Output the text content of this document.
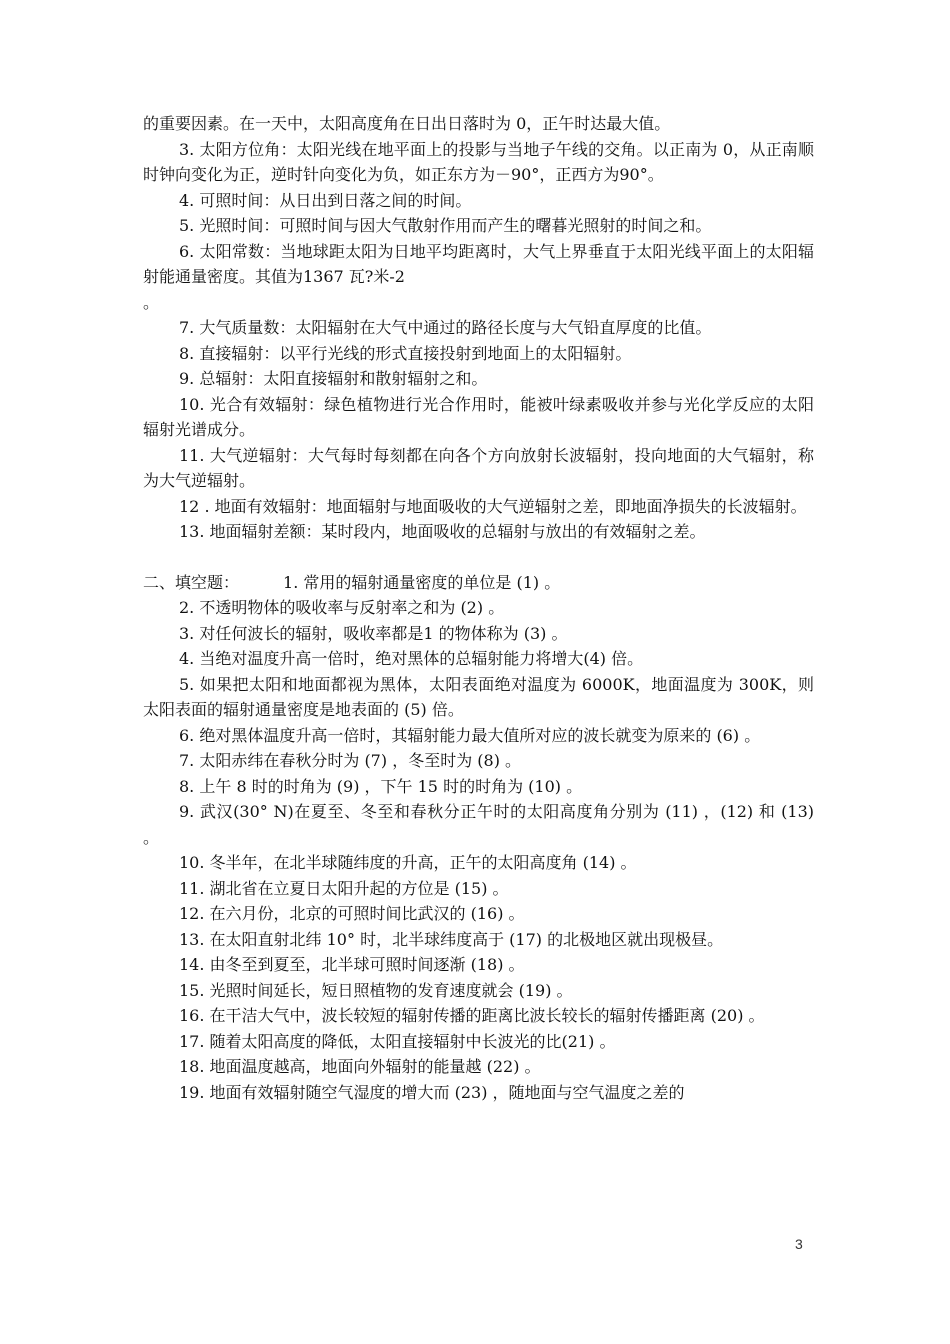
的重要因素。在一天中，太阳高度角在日出日落时为 0，正午时达最大值。

3. 太阳方位角：太阳光线在地平面上的投影与当地子午线的交角。以正南为 0，从正南顺时钟向变化为正，逆时针向变化为负，如正东方为－90°，正西方为90°。

4. 可照时间：从日出到日落之间的时间。

5. 光照时间：可照时间与因大气散射作用而产生的曙暮光照射的时间之和。

6. 太阳常数：当地球距太阳为日地平均距离时，大气上界垂直于太阳光线平面上的太阳辐射能通量密度。其值为1367 瓦?米-2

。

7. 大气质量数：太阳辐射在大气中通过的路径长度与大气铅直厚度的比值。

8. 直接辐射：以平行光线的形式直接投射到地面上的太阳辐射。

9. 总辐射：太阳直接辐射和散射辐射之和。

10. 光合有效辐射：绿色植物进行光合作用时，能被叶绿素吸收并参与光化学反应的太阳辐射光谱成分。

11. 大气逆辐射：大气每时每刻都在向各个方向放射长波辐射，投向地面的大气辐射，称为大气逆辐射。

12 . 地面有效辐射：地面辐射与地面吸收的大气逆辐射之差，即地面净损失的长波辐射。

13. 地面辐射差额：某时段内，地面吸收的总辐射与放出的有效辐射之差。

二、填空题：	1. 常用的辐射通量密度的单位是 (1) 。

2. 不透明物体的吸收率与反射率之和为 (2) 。

3. 对任何波长的辐射，吸收率都是1 的物体称为 (3) 。

4. 当绝对温度升高一倍时，绝对黑体的总辐射能力将增大(4) 倍。

5. 如果把太阳和地面都视为黑体，太阳表面绝对温度为 6000K，地面温度为 300K，则太阳表面的辐射通量密度是地表面的 (5) 倍。

6. 绝对黑体温度升高一倍时，其辐射能力最大值所对应的波长就变为原来的 (6) 。

7. 太阳赤纬在春秋分时为 (7) ，冬至时为 (8) 。

8. 上午 8 时的时角为 (9) ，下午 15 时的时角为 (10) 。

9. 武汉(30° N)在夏至、冬至和春秋分正午时的太阳高度角分别为 (11) ，(12) 和 (13) 。

10. 冬半年，在北半球随纬度的升高，正午的太阳高度角 (14) 。

11. 湖北省在立夏日太阳升起的方位是 (15) 。

12. 在六月份，北京的可照时间比武汉的 (16) 。

13. 在太阳直射北纬 10° 时，北半球纬度高于 (17) 的北极地区就出现极昼。

14. 由冬至到夏至，北半球可照时间逐渐 (18) 。

15. 光照时间延长，短日照植物的发育速度就会 (19) 。

16. 在干洁大气中，波长较短的辐射传播的距离比波长较长的辐射传播距离 (20) 。

17. 随着太阳高度的降低，太阳直接辐射中长波光的比(21) 。

18. 地面温度越高，地面向外辐射的能量越 (22) 。

19. 地面有效辐射随空气湿度的增大而 (23) ，随地面与空气温度之差的

3
